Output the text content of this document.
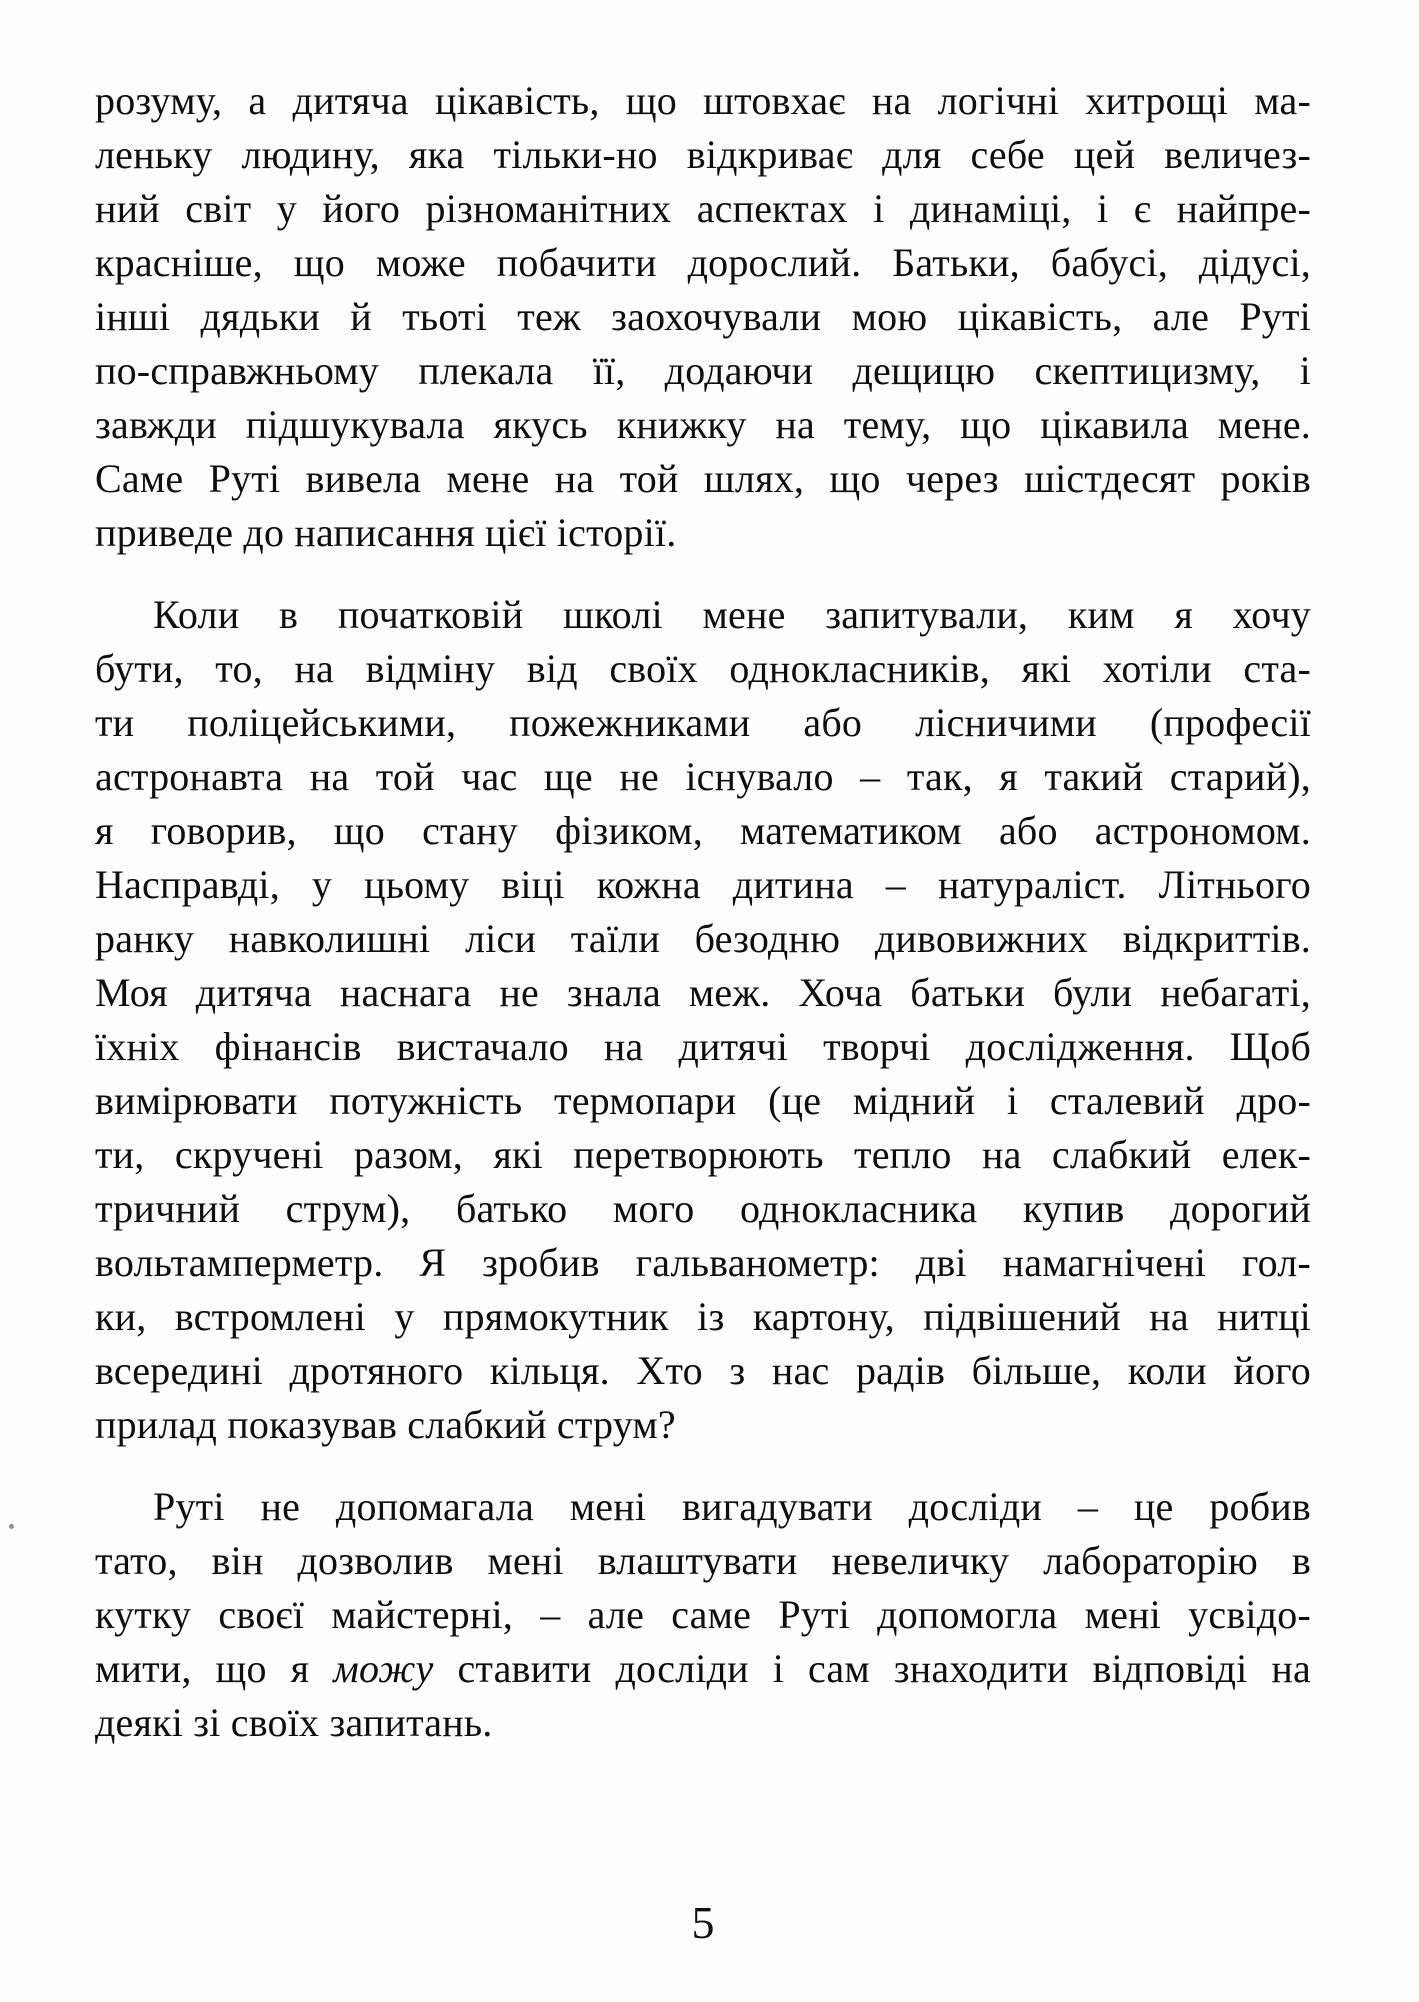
розуму, а дитяча цікавість, що штовхає на логічні хитрощі ма-
леньку людину, яка тільки-но відкриває для себе цей величез-
ний світ у його різноманітних аспектах і динаміці, і є найпре-
красніше, що може побачити дорослий. Батьки, бабусі, дідусі,
інші дядьки й тьоті теж заохочували мою цікавість, але Руті
по-справжньому плекала її, додаючи дещицю скептицизму, і
завжди підшукувала якусь книжку на тему, що цікавила мене.
Саме Руті вивела мене на той шлях, що через шістдесят років
приведе до написання цієї історії.
Коли в початковій школі мене запитували, ким я хочу
бути, то, на відміну від своїх однокласників, які хотіли ста-
ти поліцейськими, пожежниками або лісничими (професії
астронавта на той час ще не існувало – так, я такий старий),
я говорив, що стану фізиком, математиком або астрономом.
Насправді, у цьому віці кожна дитина – натураліст. Літнього
ранку навколишні ліси таїли безодню дивовижних відкриттів.
Моя дитяча наснага не знала меж. Хоча батьки були небагаті,
їхніх фінансів вистачало на дитячі творчі дослідження. Щоб
вимірювати потужність термопари (це мідний і сталевий дро-
ти, скручені разом, які перетворюють тепло на слабкий елек-
тричний струм), батько мого однокласника купив дорогий
вольтамперметр. Я зробив гальванометр: дві намагнічені гол-
ки, встромлені у прямокутник із картону, підвішений на нитці
всередині дротяного кільця. Хто з нас радів більше, коли його
прилад показував слабкий струм?
Руті не допомагала мені вигадувати досліди – це робив
тато, він дозволив мені влаштувати невеличку лабораторію в
кутку своєї майстерні, – але саме Руті допомогла мені усвідо-
мити, що я можу ставити досліди і сам знаходити відповіді на
деякі зі своїх запитань.
5
